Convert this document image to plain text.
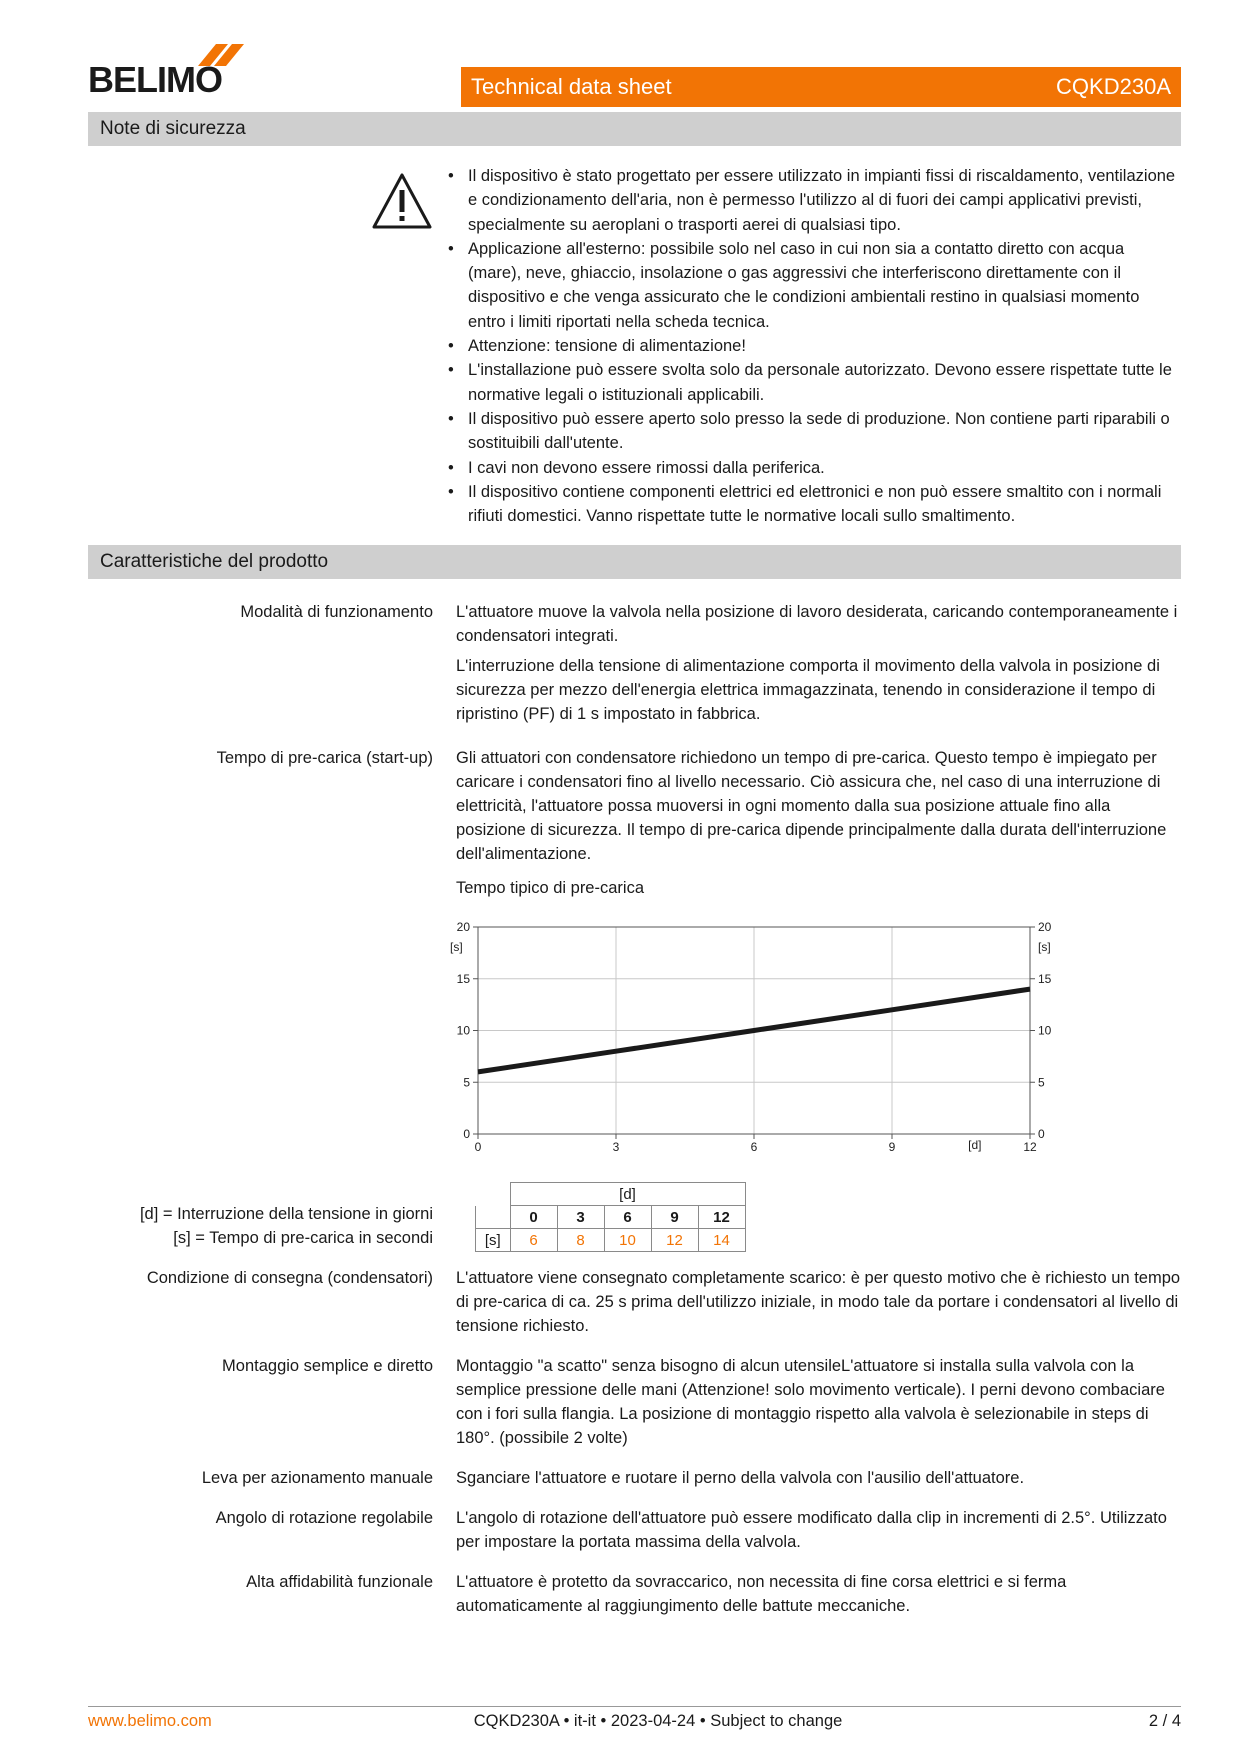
BELIMO	Technical data sheet	CQKD230A
Note di sicurezza
• Il dispositivo è stato progettato per essere utilizzato in impianti fissi di riscaldamento, ventilazione e condizionamento dell'aria, non è permesso l'utilizzo al di fuori dei campi applicativi previsti, specialmente su aeroplani o trasporti aerei di qualsiasi tipo.
• Applicazione all'esterno: possibile solo nel caso in cui non sia a contatto diretto con acqua (mare), neve, ghiaccio, insolazione o gas aggressivi che interferiscono direttamente con il dispositivo e che venga assicurato che le condizioni ambientali restino in qualsiasi momento entro i limiti riportati nella scheda tecnica.
• Attenzione: tensione di alimentazione!
• L'installazione può essere svolta solo da personale autorizzato. Devono essere rispettate tutte le normative legali o istituzionali applicabili.
• Il dispositivo può essere aperto solo presso la sede di produzione. Non contiene parti riparabili o sostituibili dall'utente.
• I cavi non devono essere rimossi dalla periferica.
• Il dispositivo contiene componenti elettrici ed elettronici e non può essere smaltito con i normali rifiuti domestici. Vanno rispettate tutte le normative locali sullo smaltimento.
Caratteristiche del prodotto
Modalità di funzionamento L'attuatore muove la valvola nella posizione di lavoro desiderata, caricando contemporaneamente i condensatori integrati.

L'interruzione della tensione di alimentazione comporta il movimento della valvola in posizione di sicurezza per mezzo dell'energia elettrica immagazzinata, tenendo in considerazione il tempo di ripristino (PF) di 1 s impostato in fabbrica.

Tempo di pre-carica (start-up) Gli attuatori con condensatore richiedono un tempo di pre-carica. Questo tempo è impiegato per caricare i condensatori fino al livello necessario. Ciò assicura che, nel caso di una interruzione di elettricità, l'attuatore possa muoversi in ogni momento dalla sua posizione attuale fino alla posizione di sicurezza. Il tempo di pre-carica dipende principalmente dalla durata dell'interruzione dell'alimentazione.

Tempo tipico di pre-carica
0	0
5	5
10	10
15	15
20	20
0	3	6	9	12
[s]	[s]
[d]
[d] = Interruzione della tensione in giorni
[s] = Tempo di pre-carica in secondi
	[d]				
	0	3	6	9	12
[s]	6	8	10	12	14
Condizione di consegna (condensatori) L'attuatore viene consegnato completamente scarico: è per questo motivo che è richiesto un tempo di pre-carica di ca. 25 s prima dell'utilizzo iniziale, in modo tale da portare i condensatori al livello di tensione richiesto.
Montaggio semplice e diretto Montaggio "a scatto" senza bisogno di alcun utensileL'attuatore si installa sulla valvola con la semplice pressione delle mani (Attenzione! solo movimento verticale). I perni devono combaciare con i fori sulla flangia. La posizione di montaggio rispetto alla valvola è selezionabile in steps di 180°. (possibile 2 volte)
Leva per azionamento manuale Sganciare l'attuatore e ruotare il perno della valvola con l'ausilio dell'attuatore.
Angolo di rotazione regolabile L'angolo di rotazione dell'attuatore può essere modificato dalla clip in incrementi di 2.5°. Utilizzato per impostare la portata massima della valvola.
Alta affidabilità funzionale L'attuatore è protetto da sovraccarico, non necessita di fine corsa elettrici e si ferma automaticamente al raggiungimento delle battute meccaniche.
www.belimo.com	CQKD230A • it-it • 2023-04-24 • Subject to change	2 / 4
